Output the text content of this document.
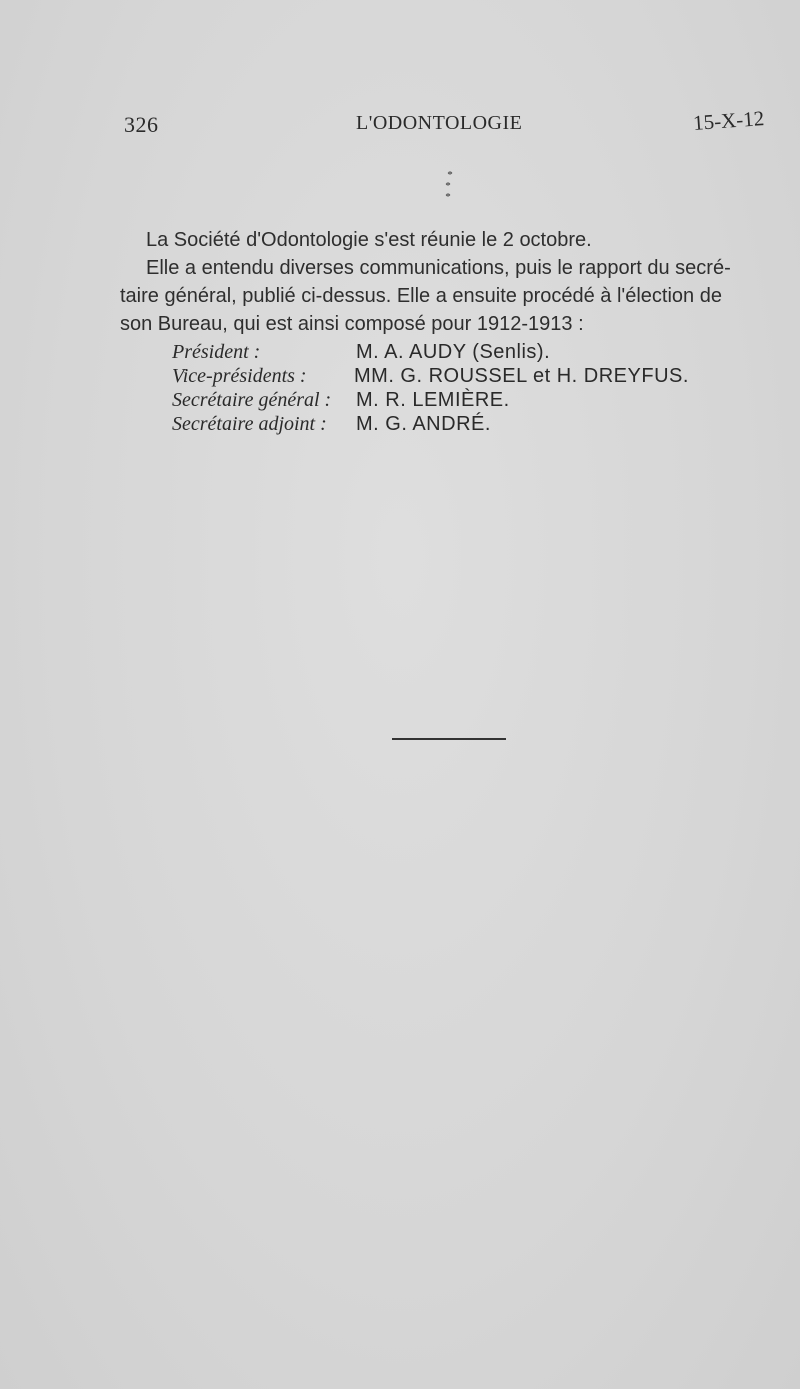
326	L'ODONTOLOGIE	15-X-12
*
* *
La Société d'Odontologie s'est réunie le 2 octobre.
Elle a entendu diverses communications, puis le rapport du secré-
taire général, publié ci-dessus. Elle a ensuite procédé à l'élection de
son Bureau, qui est ainsi composé pour 1912-1913 :
Président :	M. A. AUDY (Senlis).
Vice-présidents : MM. G. ROUSSEL et H. DREYFUS.
Secrétaire général : M. R. LEMIÈRE.
Secrétaire adjoint : M. G. ANDRÉ.
